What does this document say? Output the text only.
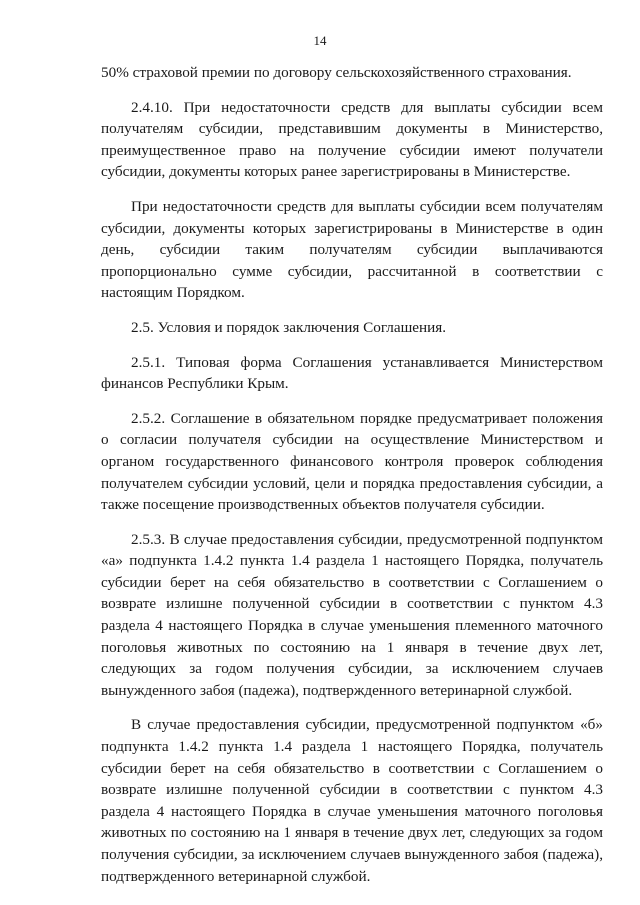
14

50% страховой премии по договору сельскохозяйственного страхования.

2.4.10. При недостаточности средств для выплаты субсидии всем получателям субсидии, представившим документы в Министерство, преимущественное право на получение субсидии имеют получатели субсидии, документы которых ранее зарегистрированы в Министерстве.

При недостаточности средств для выплаты субсидии всем получателям субсидии, документы которых зарегистрированы в Министерстве в один день, субсидии таким получателям субсидии выплачиваются пропорционально сумме субсидии, рассчитанной в соответствии с настоящим Порядком.

2.5. Условия и порядок заключения Соглашения.

2.5.1. Типовая форма Соглашения устанавливается Министерством финансов Республики Крым.

2.5.2. Соглашение в обязательном порядке предусматривает положения о согласии получателя субсидии на осуществление Министерством и органом государственного финансового контроля проверок соблюдения получателем субсидии условий, цели и порядка предоставления субсидии, а также посещение производственных объектов получателя субсидии.

2.5.3. В случае предоставления субсидии, предусмотренной подпунктом «а» подпункта 1.4.2 пункта 1.4 раздела 1 настоящего Порядка, получатель субсидии берет на себя обязательство в соответствии с Соглашением о возврате излишне полученной субсидии в соответствии с пунктом 4.3 раздела 4 настоящего Порядка в случае уменьшения племенного маточного поголовья животных по состоянию на 1 января в течение двух лет, следующих за годом получения субсидии, за исключением случаев вынужденного забоя (падежа), подтвержденного ветеринарной службой.

В случае предоставления субсидии, предусмотренной подпунктом «б» подпункта 1.4.2 пункта 1.4 раздела 1 настоящего Порядка, получатель субсидии берет на себя обязательство в соответствии с Соглашением о возврате излишне полученной субсидии в соответствии с пунктом 4.3 раздела 4 настоящего Порядка в случае уменьшения маточного поголовья животных по состоянию на 1 января в течение двух лет, следующих за годом получения субсидии, за исключением случаев вынужденного забоя (падежа), подтвержденного ветеринарной службой.
